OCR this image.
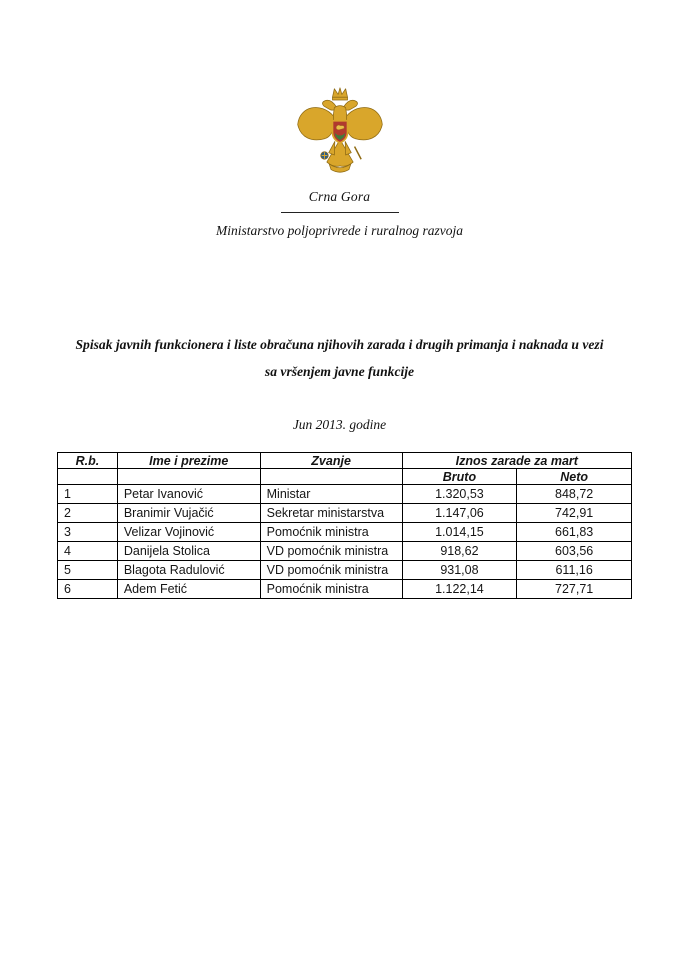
Crna Gora
Ministarstvo poljoprivrede i ruralnog razvoja
Spisak javnih funkcionera i liste obračuna njihovih zarada i drugih primanja i naknada u vezi
sa vršenjem javne funkcije
Jun 2013. godine
R.b.	Ime i prezime	Zvanje	Iznos zarade za mart	
			Bruto	Neto
1	Petar Ivanović	Ministar	1.320,53	848,72
2	Branimir Vujačić	Sekretar ministarstva	1.147,06	742,91
3	Velizar Vojinović	Pomoćnik ministra	1.014,15	661,83
4	Danijela Stolica	VD pomoćnik ministra	918,62	603,56
5	Blagota Radulović	VD pomoćnik ministra	931,08	611,16
6	Adem Fetić	Pomoćnik ministra	1.122,14	727,71
